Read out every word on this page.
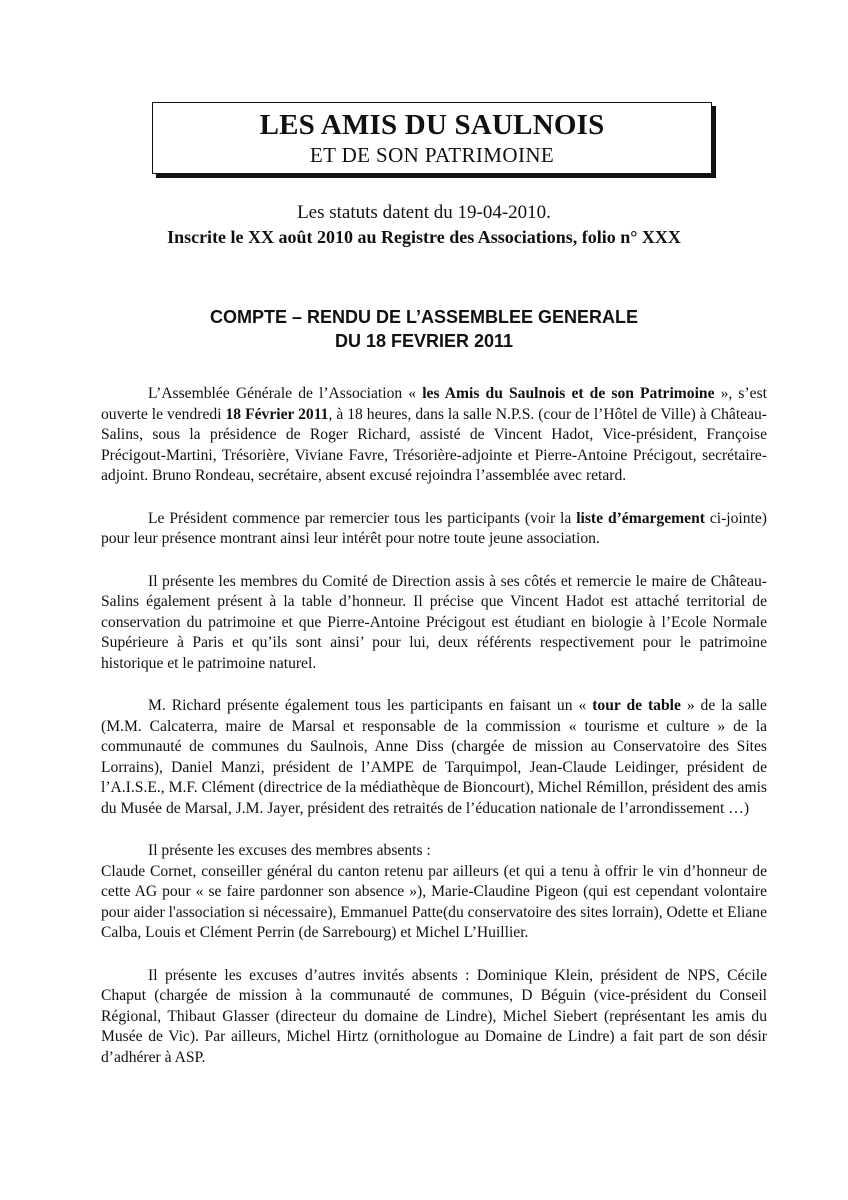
LES AMIS DU SAULNOIS
ET DE SON PATRIMOINE
Les statuts datent du 19-04-2010.
Inscrite le XX août 2010 au Registre des Associations, folio n° XXX
COMPTE – RENDU DE L’ASSEMBLEE GENERALE
DU 18 FEVRIER 2011

L’Assemblée Générale de l’Association « les Amis du Saulnois et de son Patrimoine », s’est ouverte le vendredi 18 Février 2011, à 18 heures, dans la salle N.P.S. (cour de l’Hôtel de Ville) à Château-Salins, sous la présidence de Roger Richard, assisté de Vincent Hadot, Vice-président, Françoise Précigout-Martini, Trésorière, Viviane Favre, Trésorière-adjointe et Pierre-Antoine Précigout, secrétaire-adjoint. Bruno Rondeau, secrétaire, absent excusé rejoindra l’assemblée avec retard.

Le Président commence par remercier tous les participants (voir la liste d’émargement ci-jointe) pour leur présence montrant ainsi leur intérêt pour notre toute jeune association.

Il présente les membres du Comité de Direction assis à ses côtés et remercie le maire de Château-Salins également présent à la table d’honneur. Il précise que Vincent Hadot est attaché territorial de conservation du patrimoine et que Pierre-Antoine Précigout est étudiant en biologie à l’Ecole Normale Supérieure à Paris et qu’ils sont ainsi’ pour lui, deux référents respectivement pour le patrimoine historique et le patrimoine naturel.

M. Richard présente également tous les participants en faisant un « tour de table » de la salle (M.M. Calcaterra, maire de Marsal et responsable de la commission « tourisme et culture » de la communauté de communes du Saulnois, Anne Diss (chargée de mission au Conservatoire des Sites Lorrains), Daniel Manzi, président de l’AMPE de Tarquimpol, Jean-Claude Leidinger, président de l’A.I.S.E., M.F. Clément (directrice de la médiathèque de Bioncourt), Michel Rémillon, président des amis du Musée de Marsal, J.M. Jayer, président des retraités de l’éducation nationale de l’arrondissement …)

Il présente les excuses des membres absents :

Claude Cornet, conseiller général du canton retenu par ailleurs (et qui a tenu à offrir le vin d’honneur de cette AG pour « se faire pardonner son absence »), Marie-Claudine Pigeon (qui est cependant volontaire pour aider l'association si nécessaire), Emmanuel Patte(du conservatoire des sites lorrain), Odette et Eliane Calba, Louis et Clément Perrin (de Sarrebourg) et Michel L’Huillier.

Il présente les excuses d’autres invités absents : Dominique Klein, président de NPS, Cécile Chaput (chargée de mission à la communauté de communes, D Béguin (vice-président du Conseil Régional, Thibaut Glasser (directeur du domaine de Lindre), Michel Siebert (représentant les amis du Musée de Vic). Par ailleurs, Michel Hirtz (ornithologue au Domaine de Lindre) a fait part de son désir d’adhérer à ASP.
